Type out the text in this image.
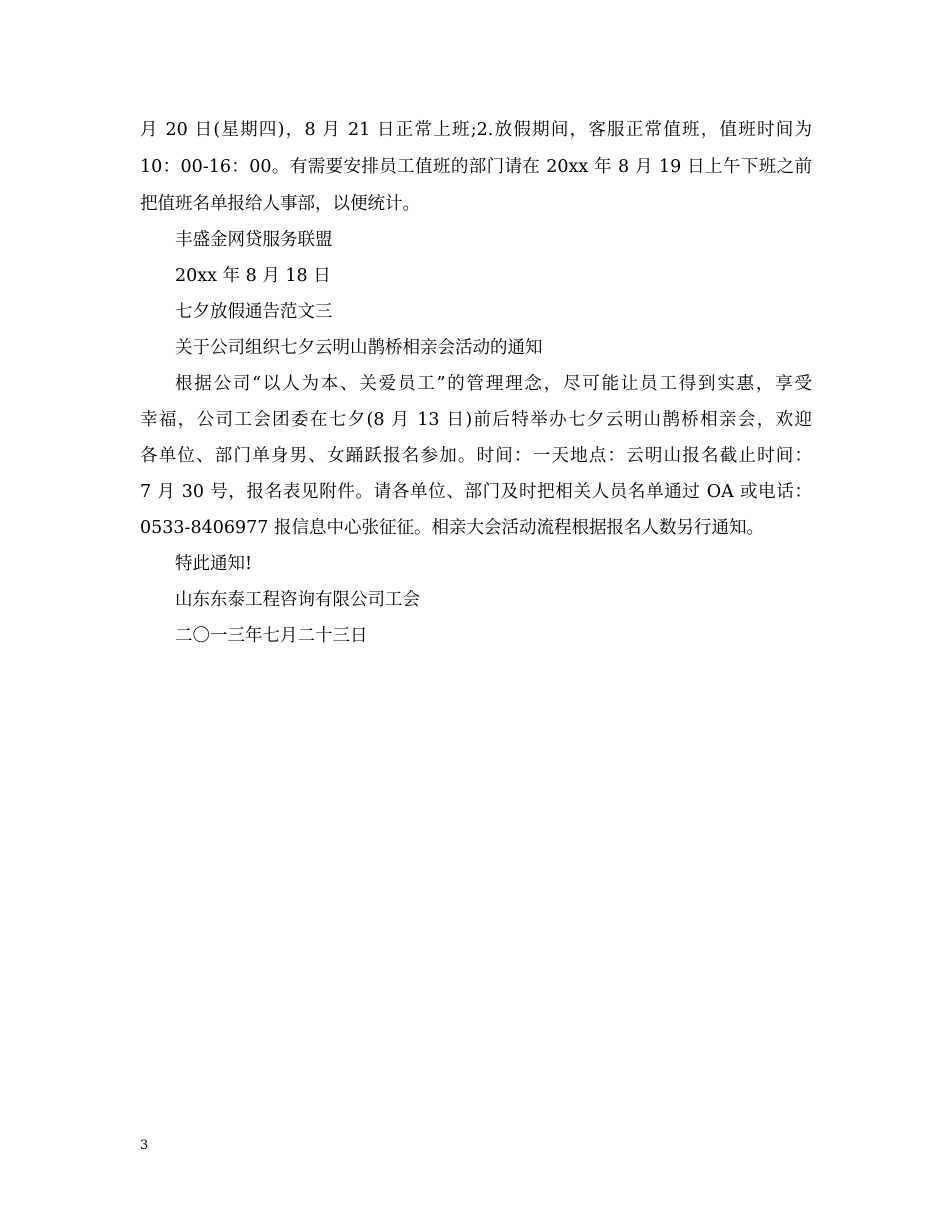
月 20 日(星期四)，8 月 21 日正常上班;2.放假期间，客服正常值班，值班时间为
10：00-16：00。有需要安排员工值班的部门请在 20xx 年 8 月 19 日上午下班之前
把值班名单报给人事部，以便统计。
丰盛金网贷服务联盟
20xx 年 8 月 18 日
七夕放假通告范文三
关于公司组织七夕云明山鹊桥相亲会活动的通知
根据公司“以人为本、关爱员工”的管理理念，尽可能让员工得到实惠，享受
幸福，公司工会团委在七夕(8 月 13 日)前后特举办七夕云明山鹊桥相亲会，欢迎
各单位、部门单身男、女踊跃报名参加。时间：一天地点：云明山报名截止时间：
7 月 30 号，报名表见附件。请各单位、部门及时把相关人员名单通过 OA 或电话：
0533-8406977 报信息中心张征征。相亲大会活动流程根据报名人数另行通知。
特此通知!
山东东泰工程咨询有限公司工会
二〇一三年七月二十三日
3
